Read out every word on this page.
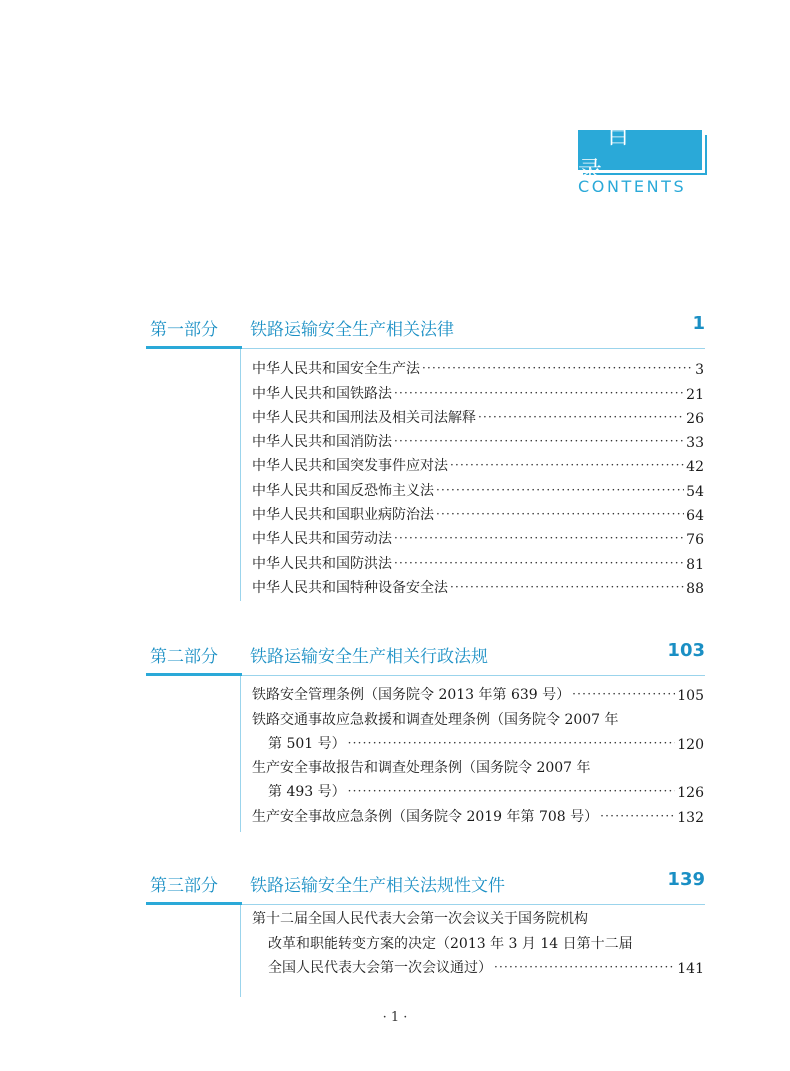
目录
CONTENTS
第一部分 铁路运输安全生产相关法律	1
中华人民共和国安全生产法 ·····	3
中华人民共和国铁路法 ·····	21
中华人民共和国刑法及相关司法解释 ·····	26
中华人民共和国消防法 ·····	33
中华人民共和国突发事件应对法 ·····	42
中华人民共和国反恐怖主义法 ·····	54
中华人民共和国职业病防治法 ·····	64
中华人民共和国劳动法 ·····	76
中华人民共和国防洪法 ·····	81
中华人民共和国特种设备安全法 ·····	88
第二部分 铁路运输安全生产相关行政法规	103
铁路安全管理条例（国务院令 2013 年第 639 号） ·····	105
铁路交通事故应急救援和调查处理条例（国务院令 2007 年
第 501 号） ·····	120
生产安全事故报告和调查处理条例（国务院令 2007 年
第 493 号） ·····	126
生产安全事故应急条例（国务院令 2019 年第 708 号） ·····	132
第三部分 铁路运输安全生产相关法规性文件	139
第十二届全国人民代表大会第一次会议关于国务院机构
改革和职能转变方案的决定（2013 年 3 月 14 日第十二届
全国人民代表大会第一次会议通过） ·····	141
· 1 ·
